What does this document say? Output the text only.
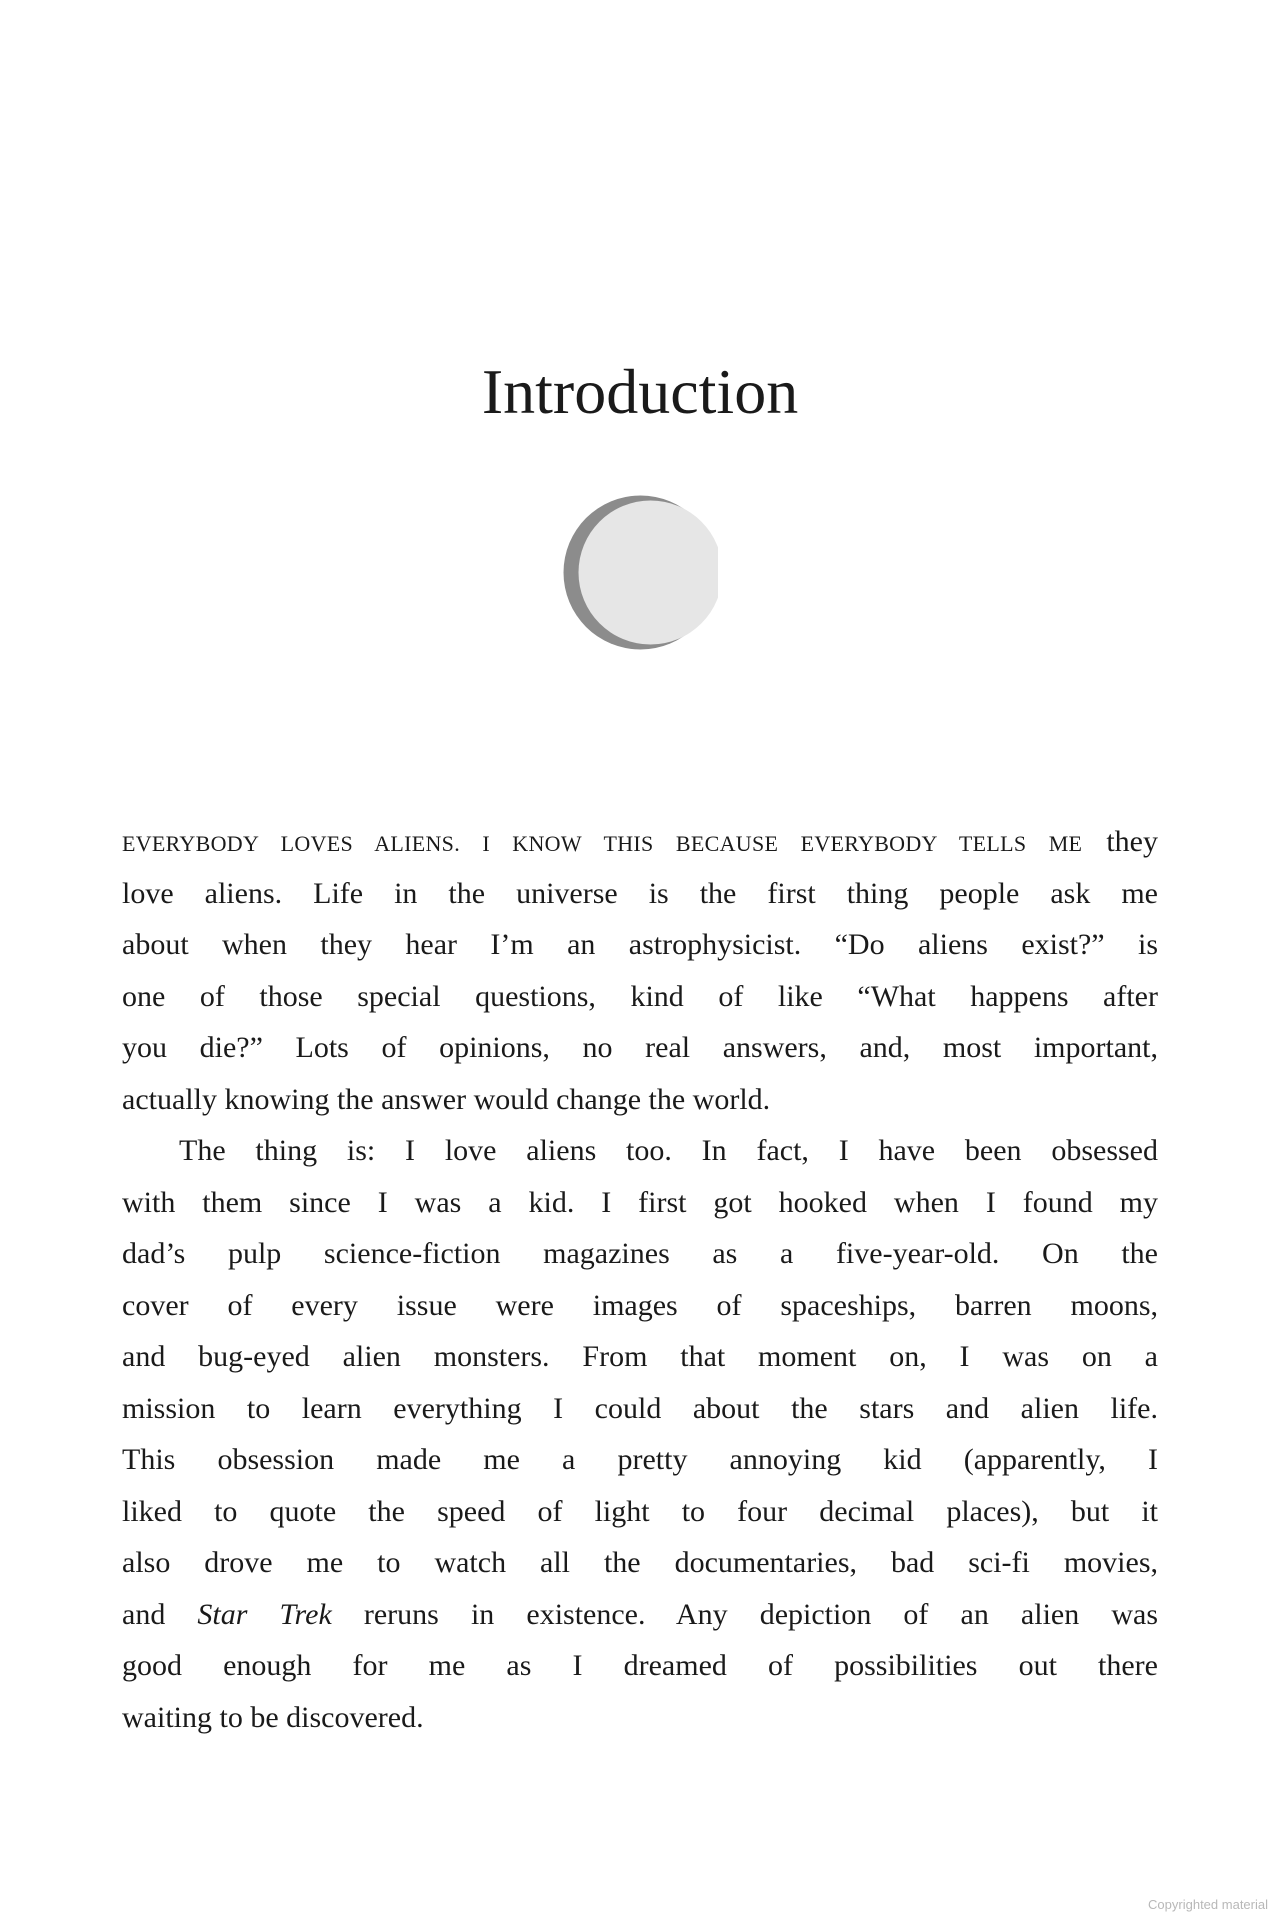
Introduction
EVERYBODY LOVES ALIENS. I KNOW THIS BECAUSE EVERYBODY TELLS ME they
love aliens. Life in the universe is the first thing people ask me
about when they hear I’m an astrophysicist. “Do aliens exist?” is
one of those special questions, kind of like “What happens after
you die?” Lots of opinions, no real answers, and, most important,
actually knowing the answer would change the world.
The thing is: I love aliens too. In fact, I have been obsessed
with them since I was a kid. I first got hooked when I found my
dad’s pulp science-fiction magazines as a five-year-old. On the
cover of every issue were images of spaceships, barren moons,
and bug-eyed alien monsters. From that moment on, I was on a
mission to learn everything I could about the stars and alien life.
This obsession made me a pretty annoying kid (apparently, I
liked to quote the speed of light to four decimal places), but it
also drove me to watch all the documentaries, bad sci-fi movies,
and Star Trek reruns in existence. Any depiction of an alien was
good enough for me as I dreamed of possibilities out there
waiting to be discovered.
Copyrighted material
